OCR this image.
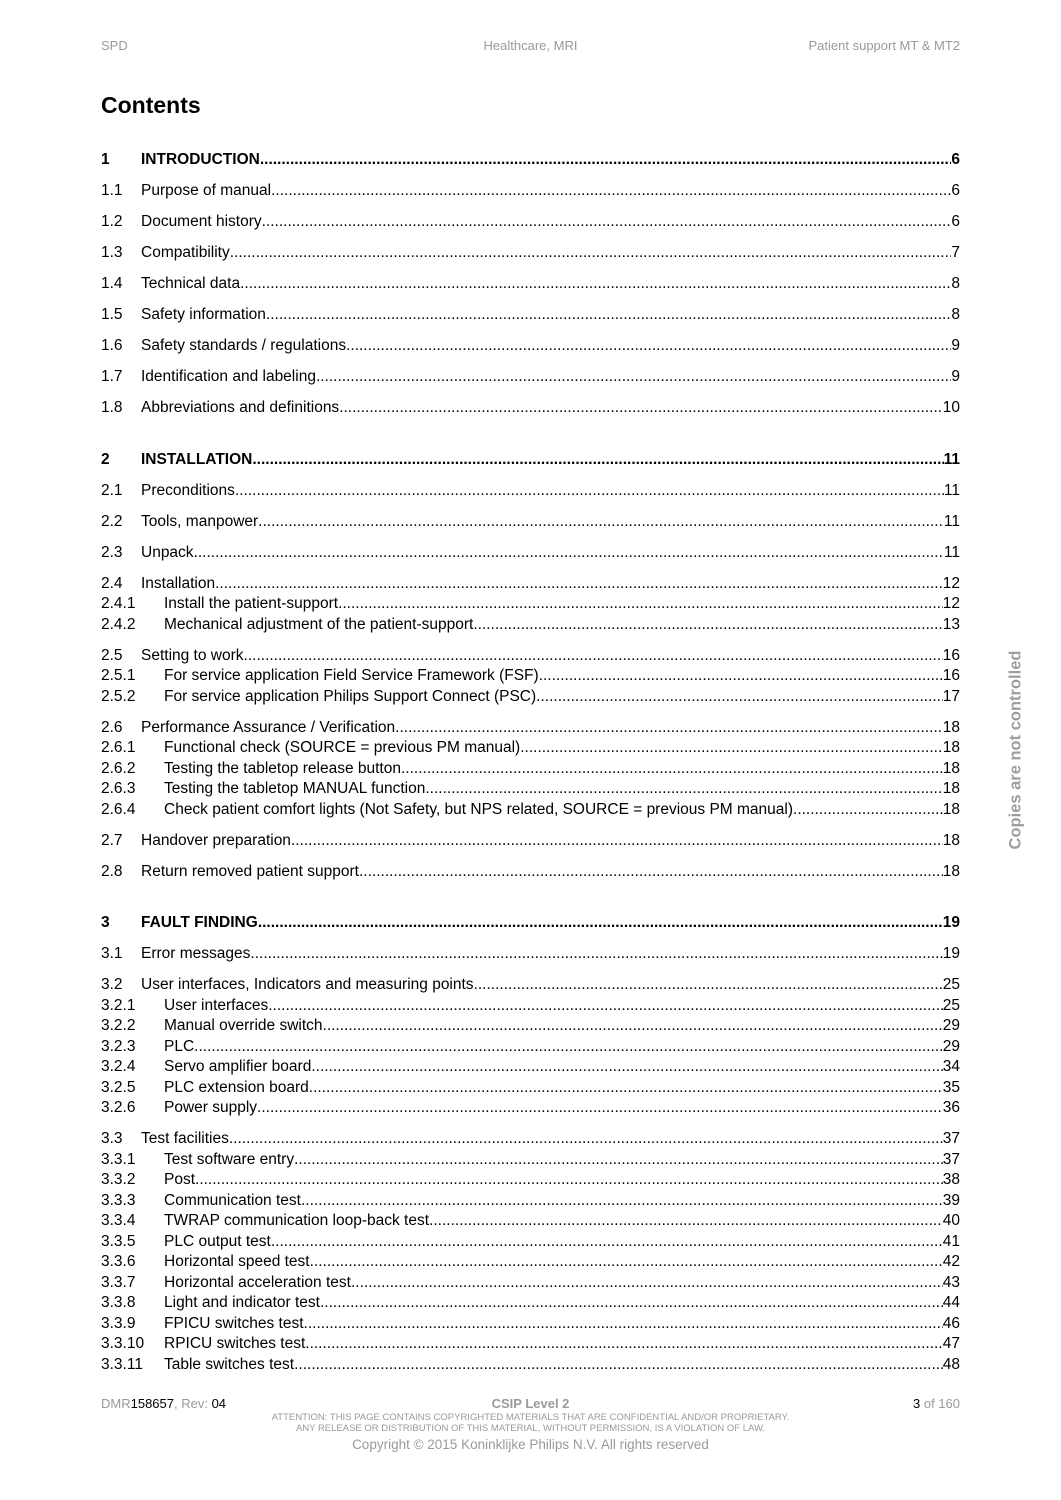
SPD	Healthcare, MRI	Patient support MT & MT2
Contents
1	INTRODUCTION .....	6
1.1	Purpose of manual .....	6
1.2	Document history .....	6
1.3	Compatibility .....	7
1.4	Technical data .....	8
1.5	Safety information .....	8
1.6	Safety standards / regulations .....	9
1.7	Identification and labeling .....	9
1.8	Abbreviations and definitions .....	10
2	INSTALLATION .....	11
2.1	Preconditions .....	11
2.2	Tools, manpower .....	11
2.3	Unpack .....	11
2.4	Installation .....	12
2.4.1	Install the patient-support .....	12
2.4.2	Mechanical adjustment of the patient-support .....	13
2.5	Setting to work .....	16
2.5.1	For service application Field Service Framework (FSF) .....	16
2.5.2	For service application Philips Support Connect (PSC) .....	17
2.6	Performance Assurance / Verification .....	18
2.6.1	Functional check (SOURCE = previous PM manual) .....	18
2.6.2	Testing the tabletop release button .....	18
2.6.3	Testing the tabletop MANUAL function .....	18
2.6.4	Check patient comfort lights (Not Safety, but NPS related, SOURCE = previous PM manual) .....	18
2.7	Handover preparation .....	18
2.8	Return removed patient support .....	18
3	FAULT FINDING .....	19
3.1	Error messages .....	19
3.2	User interfaces, Indicators and measuring points .....	25
3.2.1	User interfaces .....	25
3.2.2	Manual override switch .....	29
3.2.3	PLC .....	29
3.2.4	Servo amplifier board .....	34
3.2.5	PLC extension board .....	35
3.2.6	Power supply .....	36
3.3	Test facilities .....	37
3.3.1	Test software entry .....	37
3.3.2	Post .....	38
3.3.3	Communication test .....	39
3.3.4	TWRAP communication loop-back test .....	40
3.3.5	PLC output test .....	41
3.3.6	Horizontal speed test .....	42
3.3.7	Horizontal acceleration test .....	43
3.3.8	Light and indicator test .....	44
3.3.9	FPICU switches test .....	46
3.3.10	RPICU switches test .....	47
3.3.11	Table switches test .....	48
Copies are not controlled
DMR158657, Rev: 04	CSIP Level 2	3 of 160
ATTENTION: THIS PAGE CONTAINS COPYRIGHTED MATERIALS THAT ARE CONFIDENTIAL AND/OR PROPRIETARY.
ANY RELEASE OR DISTRIBUTION OF THIS MATERIAL, WITHOUT PERMISSION, IS A VIOLATION OF LAW.
Copyright © 2015 Koninklijke Philips N.V. All rights reserved
